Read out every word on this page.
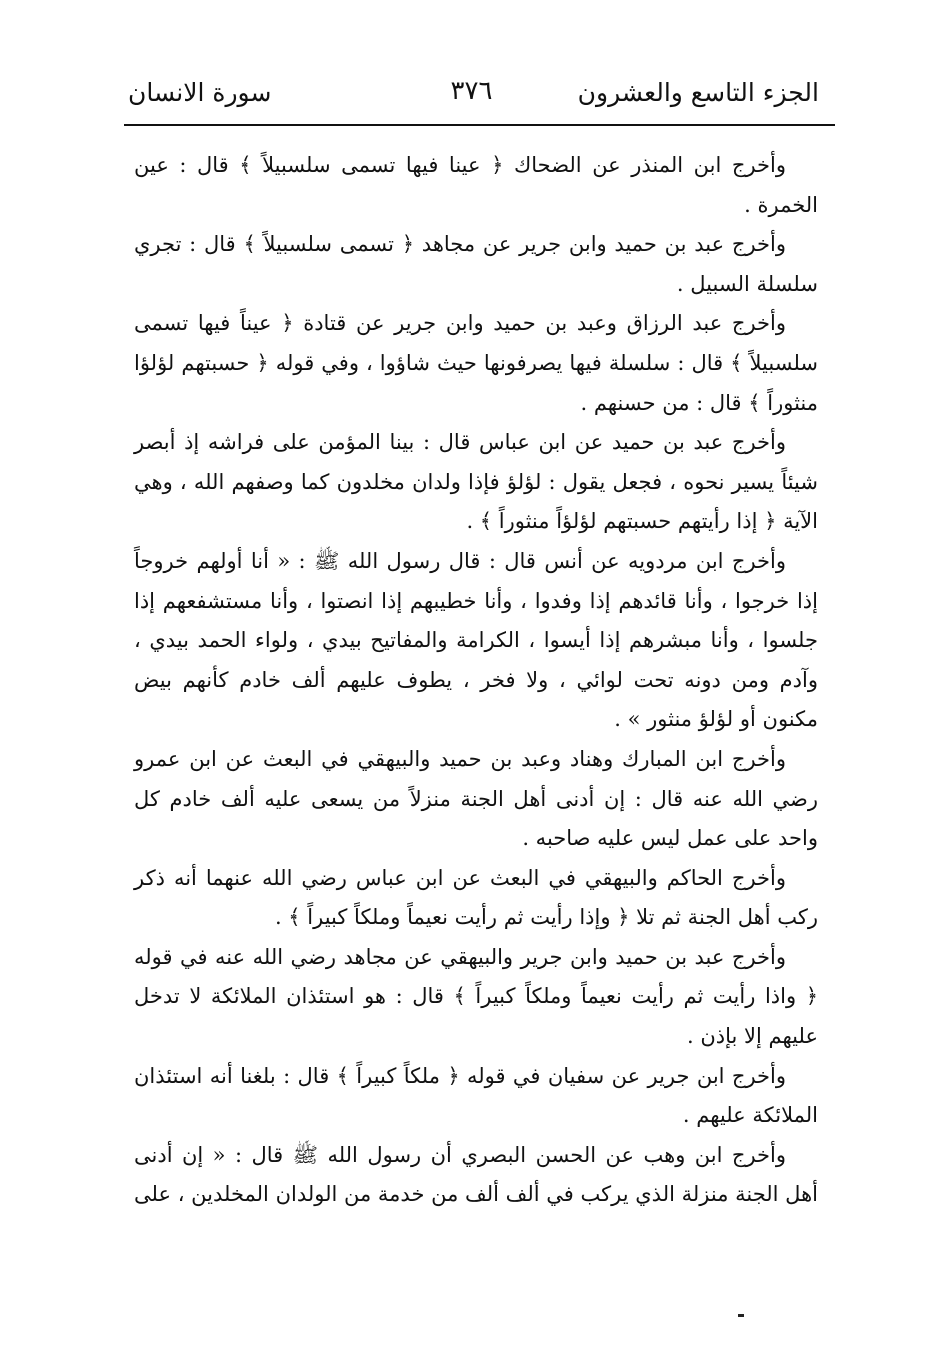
الجزء التاسع والعشرون
٣٧٦
سورة الانسان

وأخرج ابن المنذر عن الضحاك ﴿ عينا فيها تسمى سلسبيلاً ﴾ قال : عين الخمرة .

وأخرج عبد بن حميد وابن جرير عن مجاهد ﴿ تسمى سلسبيلاً ﴾ قال : تجري سلسلة السبيل .

وأخرج عبد الرزاق وعبد بن حميد وابن جرير عن قتادة ﴿ عيناً فيها تسمى سلسبيلاً ﴾ قال : سلسلة فيها يصرفونها حيث شاؤوا ، وفي قوله ﴿ حسبتهم لؤلؤا منثوراً ﴾ قال : من حسنهم .

وأخرج عبد بن حميد عن ابن عباس قال : بينا المؤمن على فراشه إذ أبصر شيئاً يسير نحوه ، فجعل يقول : لؤلؤ فإذا ولدان مخلدون كما وصفهم الله ، وهي الآية ﴿ إذا رأيتهم حسبتهم لؤلؤاً منثوراً ﴾ .

وأخرج ابن مردويه عن أنس قال : قال رسول الله ﷺ : « أنا أولهم خروجاً إذا خرجوا ، وأنا قائدهم إذا وفدوا ، وأنا خطيبهم إذا انصتوا ، وأنا مستشفعهم إذا جلسوا ، وأنا مبشرهم إذا أيسوا ، الكرامة والمفاتيح بيدي ، ولواء الحمد بيدي ، وآدم ومن دونه تحت لوائي ، ولا فخر ، يطوف عليهم ألف خادم كأنهم بيض مكنون أو لؤلؤ منثور » .

وأخرج ابن المبارك وهناد وعبد بن حميد والبيهقي في البعث عن ابن عمرو رضي الله عنه قال : إن أدنى أهل الجنة منزلاً من يسعى عليه ألف خادم كل واحد على عمل ليس عليه صاحبه .

وأخرج الحاكم والبيهقي في البعث عن ابن عباس رضي الله عنهما أنه ذكر ركب أهل الجنة ثم تلا ﴿ وإذا رأيت ثم رأيت نعيماً وملكاً كبيراً ﴾ .

وأخرج عبد بن حميد وابن جرير والبيهقي عن مجاهد رضي الله عنه في قوله ﴿ واذا رأيت ثم رأيت نعيماً وملكاً كبيراً ﴾ قال : هو استئذان الملائكة لا تدخل عليهم إلا بإذن .

وأخرج ابن جرير عن سفيان في قوله ﴿ ملكاً كبيراً ﴾ قال : بلغنا أنه استئذان الملائكة عليهم .

وأخرج ابن وهب عن الحسن البصري أن رسول الله ﷺ قال : « إن أدنى أهل الجنة منزلة الذي يركب في ألف ألف من خدمة من الولدان المخلدين ، على
